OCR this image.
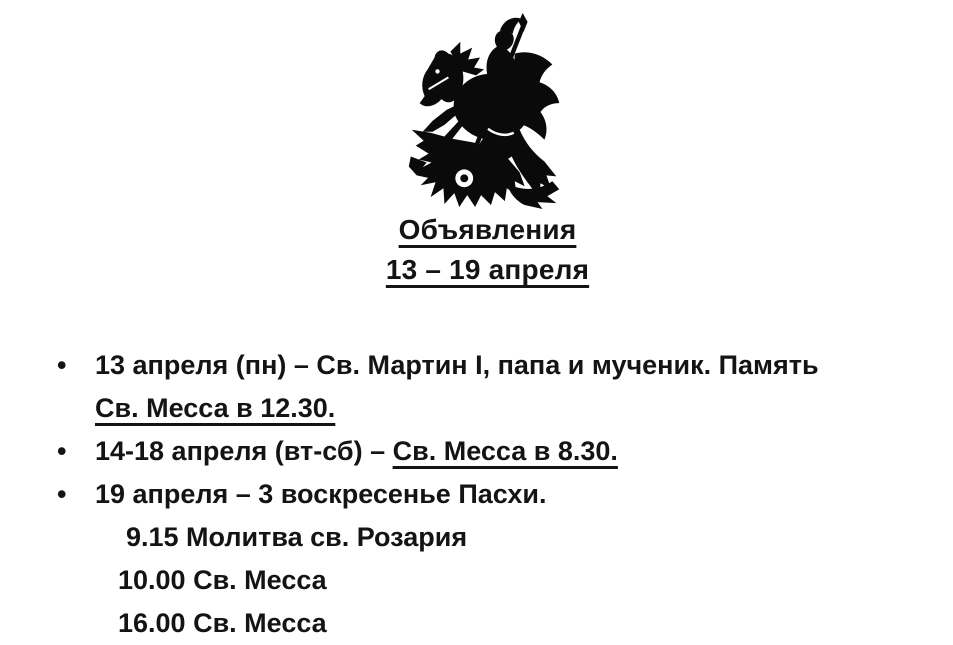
Объявления
13 – 19 апреля
•	13 апреля (пн) – Св. Мартин I, папа и мученик. Память
Св. Месса в 12.30.
•	14-18 апреля (вт-сб) – Св. Месса в 8.30.
•	19 апреля – 3 воскресенье Пасхи.
9.15 Молитва св. Розария
10.00 Св. Месса
16.00 Св. Месса
